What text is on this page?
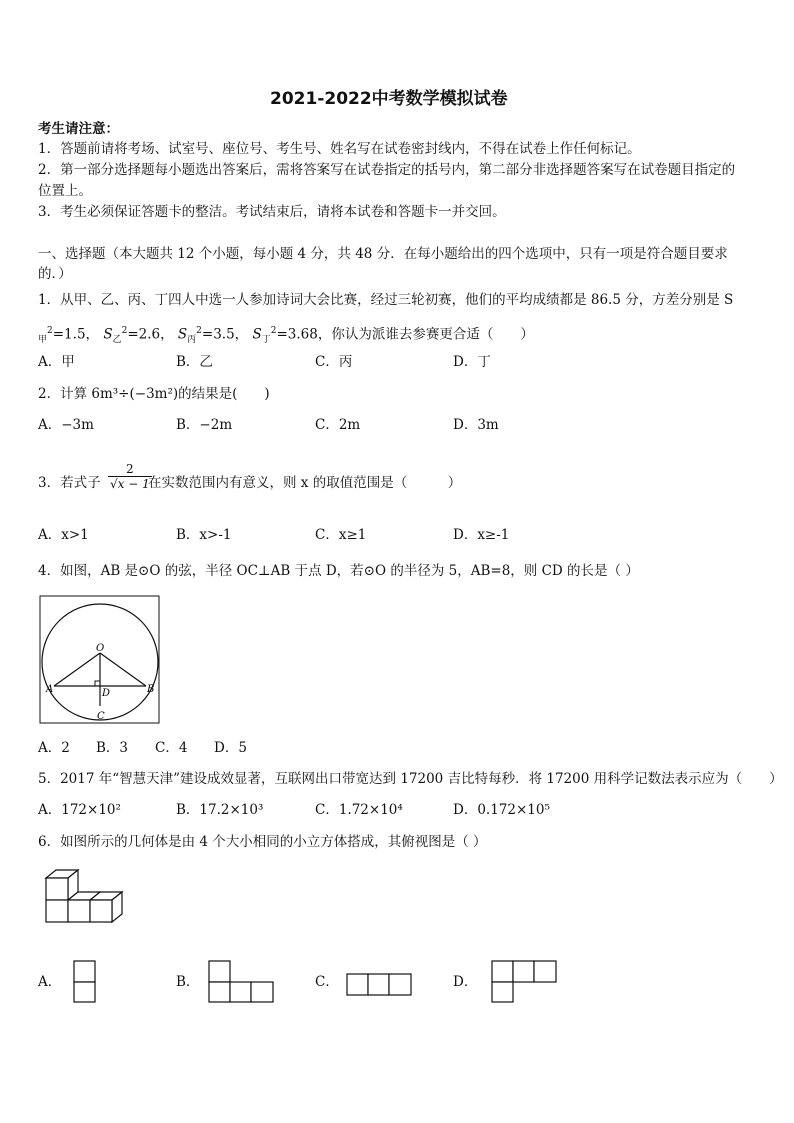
2021-2022中考数学模拟试卷
考生请注意：
1．答题前请将考场、试室号、座位号、考生号、姓名写在试卷密封线内，不得在试卷上作任何标记。
2．第一部分选择题每小题选出答案后，需将答案写在试卷指定的括号内，第二部分非选择题答案写在试卷题目指定的
位置上。
3．考生必须保证答题卡的整洁。考试结束后，请将本试卷和答题卡一并交回。
一、选择题（本大题共 12 个小题，每小题 4 分，共 48 分．在每小题给出的四个选项中，只有一项是符合题目要求
的．）
1．从甲、乙、丙、丁四人中选一人参加诗词大会比赛，经过三轮初赛，他们的平均成绩都是 86.5 分，方差分别是 S
$_甲^2$=1.5， $S_乙^2=2.6$， $S_丙^2=3.5$， $S_丁^2=3.68$，你认为派谁去参赛更合适（　　）
A．甲	B．乙	C．丙	D．丁
2．计算 6m³÷(−3m²)的结果是(　　)
A．−3m	B．−2m	C．2m	D．3m
3．若式子 $\frac{2}{√x - 1}$
在实数范围内有意义，则 x 的取值范围是（　　　）
A．x>1	B．x>-1	C．x≥1	D．x≥-1
4．如图，AB 是⊙O 的弦，半径 OC⊥AB 于点 D，若⊙O 的半径为 5，AB=8，则 CD 的长是（ ）
O
A	B
D
C
A．2 B．3 C．4 D．5
5．2017 年“智慧天津”建设成效显著，互联网出口带宽达到 17200 吉比特每秒．将 17200 用科学记数法表示应为（　　）
A．172×10²	B．17.2×10³	C．1.72×10⁴	D．0.172×10⁵
6．如图所示的几何体是由 4 个大小相同的小立方体搭成，其俯视图是（ ）
A．	B．	C．	D．
